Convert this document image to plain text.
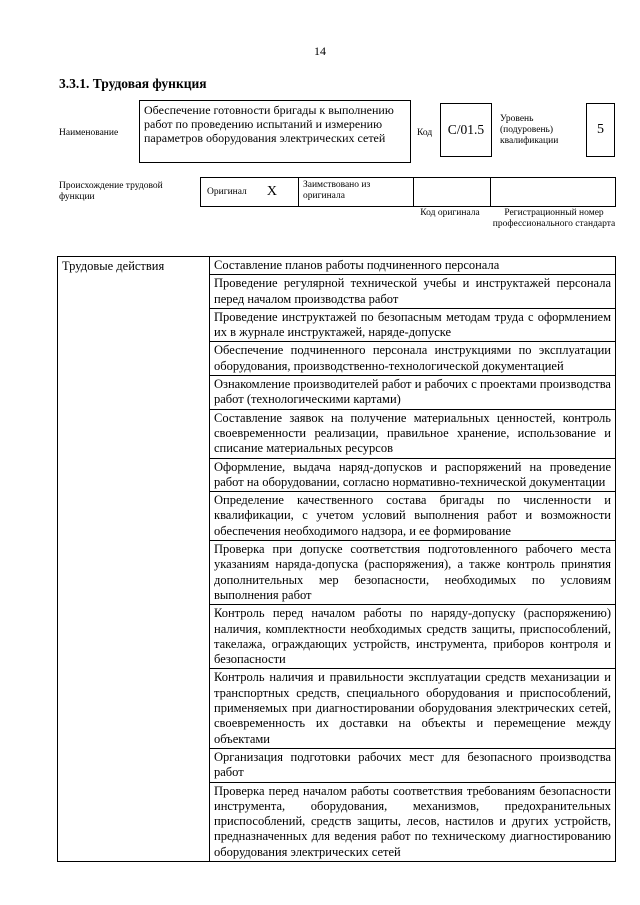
14
3.3.1. Трудовая функция
Наименование
Обеспечение готовности бригады к выполнению работ по проведению испытаний и измерению параметров оборудования электрических сетей	Код	C/01.5
Уровень (подуровень) квалификации
5
Происхождение трудовой функции
Оригинал X	Заимствовано из оригинала
Код оригинала	Регистрационный номер профессионального стандарта
Трудовые действия	Составление планов работы подчиненного персонала
Проведение регулярной технической учебы и инструктажей персонала перед началом производства работ
Проведение инструктажей по безопасным методам труда с оформлением их в журнале инструктажей, наряде-допуске
Обеспечение подчиненного персонала инструкциями по эксплуатации оборудования, производственно-технологической документацией
Ознакомление производителей работ и рабочих с проектами производства работ (технологическими картами)
Составление заявок на получение материальных ценностей, контроль своевременности реализации, правильное хранение, использование и списание материальных ресурсов
Оформление, выдача наряд-допусков и распоряжений на проведение работ на оборудовании, согласно нормативно-технической документации
Определение качественного состава бригады по численности и квалификации, с учетом условий выполнения работ и возможности обеспечения необходимого надзора, и ее формирование
Проверка при допуске соответствия подготовленного рабочего места указаниям наряда-допуска (распоряжения), а также контроль принятия дополнительных мер безопасности, необходимых по условиям выполнения работ
Контроль перед началом работы по наряду-допуску (распоряжению) наличия, комплектности необходимых средств защиты, приспособлений, такелажа, ограждающих устройств, инструмента, приборов контроля и безопасности
Контроль наличия и правильности эксплуатации средств механизации и транспортных средств, специального оборудования и приспособлений, применяемых при диагностировании оборудования электрических сетей, своевременность их доставки на объекты и перемещение между объектами
Организация подготовки рабочих мест для безопасного производства работ
Проверка перед началом работы соответствия требованиям безопасности инструмента, оборудования, механизмов, предохранительных приспособлений, средств защиты, лесов, настилов и других устройств, предназначенных для ведения работ по техническому диагностированию оборудования электрических сетей
